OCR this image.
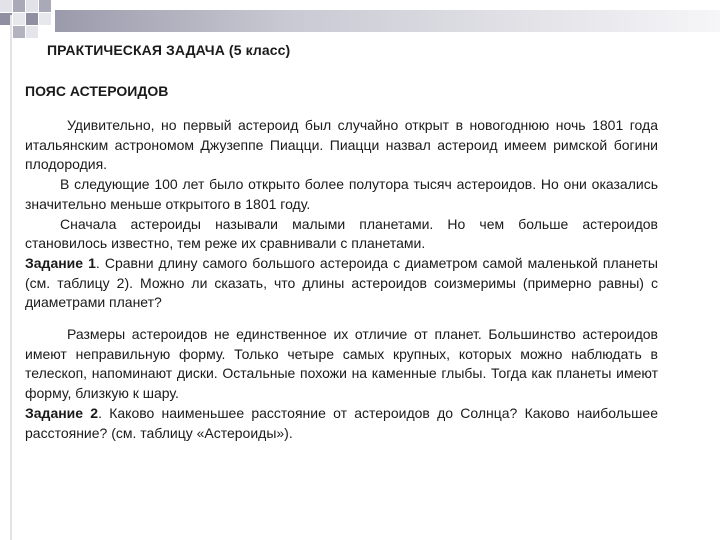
ПРАКТИЧЕСКАЯ ЗАДАЧА (5 класс)
ПОЯС АСТЕРОИДОВ

Удивительно, но первый астероид был случайно открыт в новогоднюю ночь 1801 года итальянским астрономом Джузеппе Пиацци. Пиацци назвал астероид имеем римской богини плодородия.

В следующие 100 лет было открыто более полутора тысяч астероидов. Но они оказались значительно меньше открытого в 1801 году.

Сначала астероиды называли малыми планетами. Но чем больше астероидов становилось известно, тем реже их сравнивали с планетами.

Задание 1. Сравни длину самого большого астероида с диаметром самой маленькой планеты (см. таблицу 2). Можно ли сказать, что длины астероидов соизмеримы (примерно равны) с диаметрами планет?

Размеры астероидов не единственное их отличие от планет. Большинство астероидов имеют неправильную форму. Только четыре самых крупных, которых можно наблюдать в телескоп, напоминают диски. Остальные похожи на каменные глыбы. Тогда как планеты имеют форму, близкую к шару.

Задание 2. Каково наименьшее расстояние от астероидов до Солнца? Каково наибольшее расстояние? (см. таблицу «Астероиды»).
